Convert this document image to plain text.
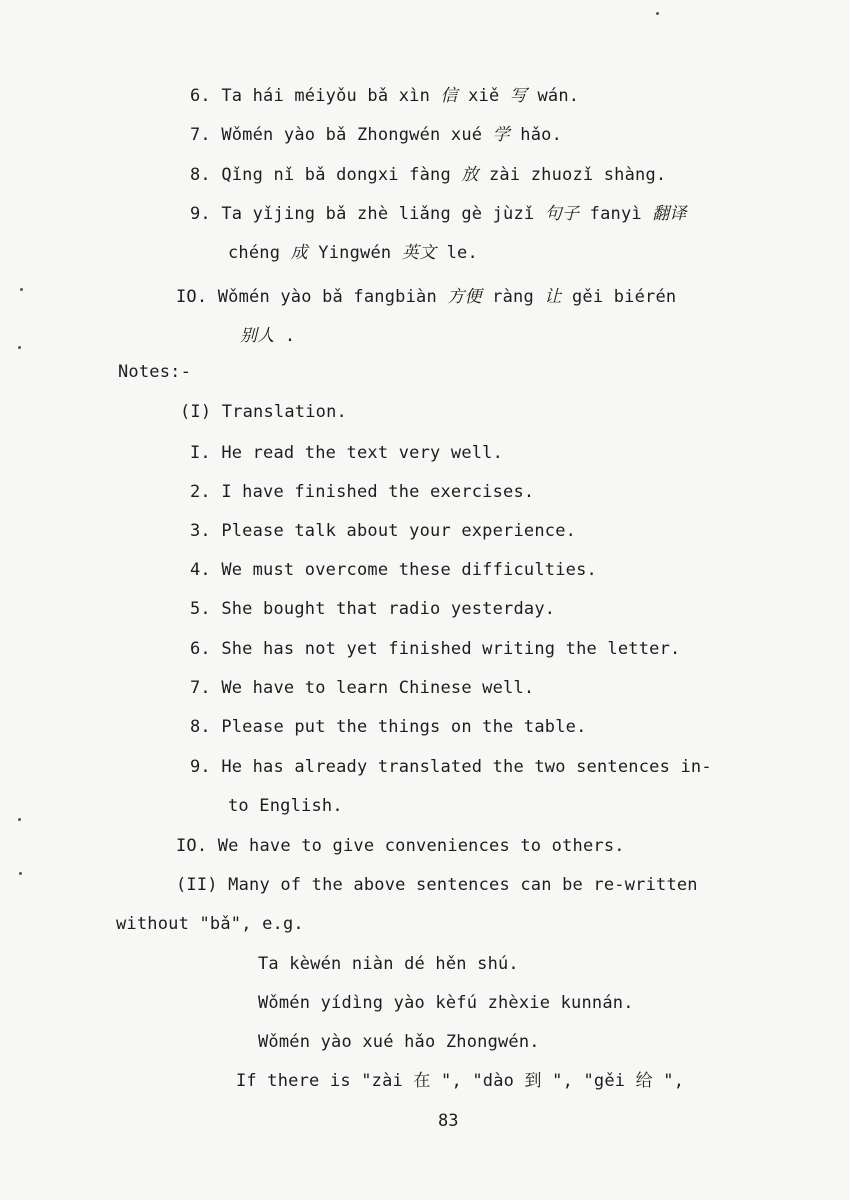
6. Ta hái méiyǒu bǎ xìn 信 xiě 写 wán.
7. Wǒmén yào bǎ Zhongwén xué 学 hǎo.
8. Qǐng nǐ bǎ dongxi fàng 放 zài zhuozǐ shàng.
9. Ta yǐjing bǎ zhè liǎng gè jùzǐ 句子 fanyì 翻译
chéng 成 Yingwén 英文 le.
IO. Wǒmén yào bǎ fangbiàn 方便 ràng 让 gěi biérén
别人 .
Notes:-
(I) Translation.
I. He read the text very well.
2. I have finished the exercises.
3. Please talk about your experience.
4. We must overcome these difficulties.
5. She bought that radio yesterday.
6. She has not yet finished writing the letter.
7. We have to learn Chinese well.
8. Please put the things on the table.
9. He has already translated the two sentences in-
to English.
IO. We have to give conveniences to others.
(II) Many of the above sentences can be re-written
without "bǎ", e.g.
Ta kèwén niàn dé hěn shú.
Wǒmén yídìng yào kèfú zhèxie kunnán.
Wǒmén yào xué hǎo Zhongwén.
If there is "zài 在 ", "dào 到 ", "gěi 给 ",
83
